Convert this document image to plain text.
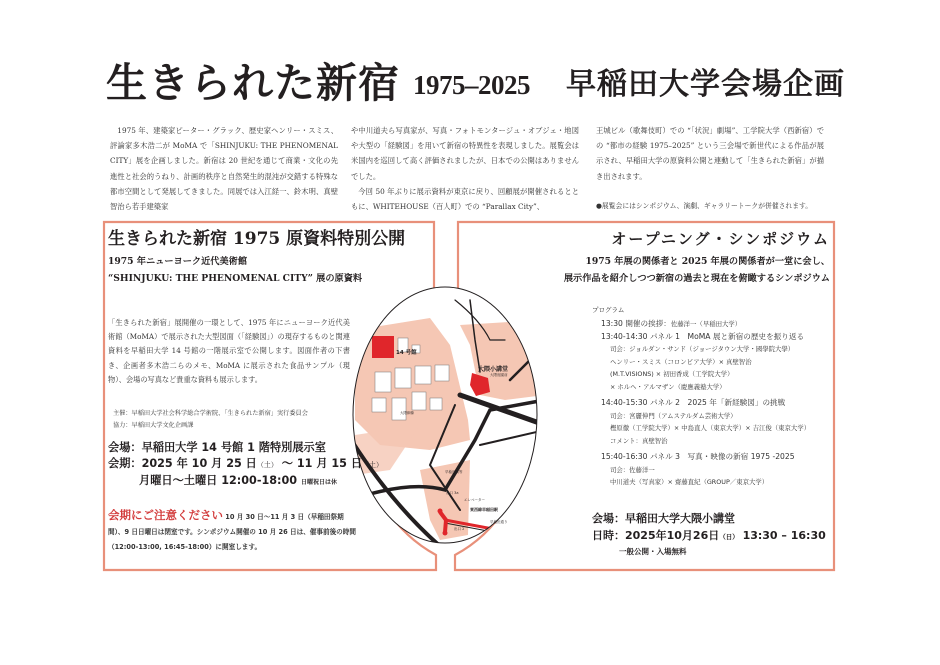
生きられた新宿 1975–2025 早稲田大学会場企画

1975 年、建築家ピーター・グラック、歴史家ヘンリー・スミス、評論家多木浩二が MoMA で「SHINJUKU: THE PHENOMENAL CITY」展を企画しました。新宿は 20 世紀を通じて商業・文化の先進性と社会的うねり、計画的秩序と自然発生的混沌が交錯する特殊な都市空間として発展してきました。同展では入江経一、鈴木明、真壁智治ら若手建築家

や中川道夫ら写真家が、写真・フォトモンタージュ・オブジェ・地図や大型の「経験図」を用いて新宿の特異性を表現しました。展覧会は米国内を巡回して高く評価されましたが、日本での公開はありませんでした。

今回 50 年ぶりに展示資料が東京に戻り、回顧展が開催されるとともに、WHITEHOUSE（百人町）での “Parallax City”、

王城ビル（歌舞伎町）での “「状況」劇場”、工学院大学（西新宿）での “都市の経験 1975–2025” という三会場で新世代による作品が展示され、早稲田大学の原資料公開と連動して「生きられた新宿」が描き出されます。

●展覧会にはシンポジウム、演劇、ギャラリートークが併催されます。

14 号館
大隈小講堂
大隈庭園前
大隈銅像
早稲田高等
出口 3a
エレベーター
東西線早稲田駅
出口 2
早稲田通り
生きられた新宿 1975 原資料特別公開
1975 年ニューヨーク近代美術館
“SHINJUKU: THE PHENOMENAL CITY” 展の原資料
「生きられた新宿」展開催の一環として、1975 年にニューヨーク近代美術館（MoMA）で展示された大型図面（「経験図」）の現存するものと関連資料を早稲田大学 14 号館の一階展示室で公開します。図面作者の下書き、企画者多木浩二らのメモ、MoMA に展示された食品サンプル（現物）、会場の写真など貴重な資料も展示します。
主催：早稲田大学社会科学総合学術院、「生きられた新宿」実行委員会
協力：早稲田大学文化企画課
会場：早稲田大学 14 号館 1 階特別展示室
会期：2025 年 10 月 25 日（土） ～ 11 月 15 日（土）
月曜日～土曜日 12:00-18:00 日曜祝日は休
会期にご注意ください 10 月 30 日～11 月 3 日（早稲田祭期間）、9 日日曜日は閉室です。シンポジウム開催の 10 月 26 日は、催事前後の時間（12:00-13:00, 16:45-18:00）に開室します。
オープニング・シンポジウム
1975 年展の関係者と 2025 年展の関係者が一堂に会し、
展示作品を紹介しつつ新宿の過去と現在を俯瞰するシンポジウム
プログラム
13:30 開催の挨拶：佐藤洋一（早稲田大学）
13:40-14:30 パネル 1　MoMA 展と新宿の歴史を振り返る
司会：ジョルダン・サンド（ジョージタウン大学・國學院大學）
ヘンリー・スミス（コロンビア大学）× 真壁智治
(M.T.VISIONS) × 初田香成（工学院大学）
× ホルヘ・アルマザン（慶應義塾大学）
14:40-15:30 パネル 2　2025 年「新経験図」の挑戦
司会：宮麗伸門（アムステルダム芸術大学）
樫原徹（工学院大学）× 中島直人（東京大学）× 吉江俊（東京大学）
コメント：真壁智治
15:40-16:30 パネル 3　写真・映像の新宿 1975 -2025
司会：佐藤洋一
中川道夫（写真家）× 齋藤直紀（GROUP／東京大学）
会場：早稲田大学大隈小講堂
日時：2025年10月26日（日） 13:30 – 16:30
一般公開・入場無料
